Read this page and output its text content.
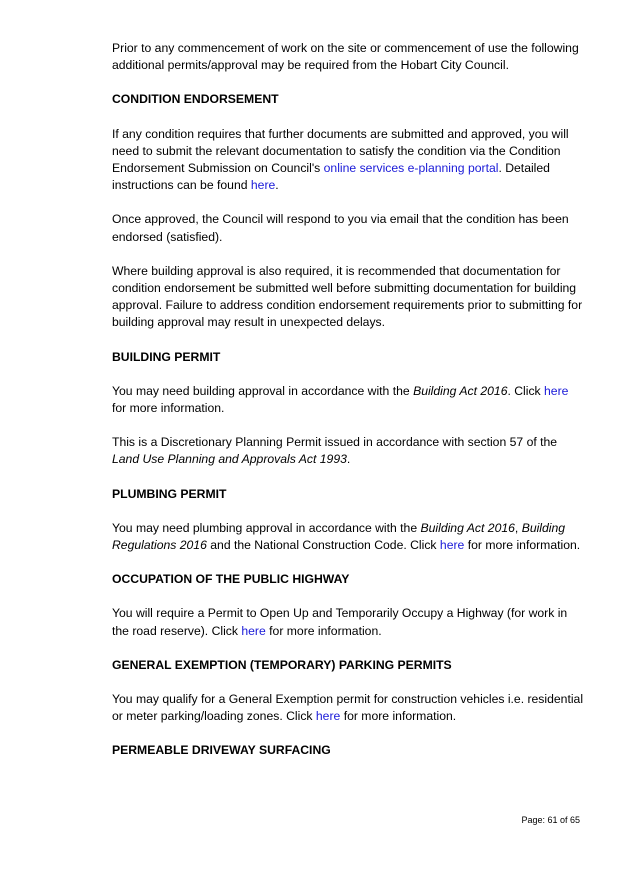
Prior to any commencement of work on the site or commencement of use the following additional permits/approval may be required from the Hobart City Council.

CONDITION ENDORSEMENT

If any condition requires that further documents are submitted and approved, you will need to submit the relevant documentation to satisfy the condition via the Condition Endorsement Submission on Council's online services e-planning portal. Detailed instructions can be found here.

Once approved, the Council will respond to you via email that the condition has been endorsed (satisfied).

Where building approval is also required, it is recommended that documentation for condition endorsement be submitted well before submitting documentation for building approval. Failure to address condition endorsement requirements prior to submitting for building approval may result in unexpected delays.

BUILDING PERMIT

You may need building approval in accordance with the Building Act 2016. Click here for more information.

This is a Discretionary Planning Permit issued in accordance with section 57 of the Land Use Planning and Approvals Act 1993.

PLUMBING PERMIT

You may need plumbing approval in accordance with the Building Act 2016, Building Regulations 2016 and the National Construction Code. Click here for more information.

OCCUPATION OF THE PUBLIC HIGHWAY

You will require a Permit to Open Up and Temporarily Occupy a Highway (for work in the road reserve). Click here for more information.

GENERAL EXEMPTION (TEMPORARY) PARKING PERMITS

You may qualify for a General Exemption permit for construction vehicles i.e. residential or meter parking/loading zones. Click here for more information.

PERMEABLE DRIVEWAY SURFACING
Page: 61 of 65
